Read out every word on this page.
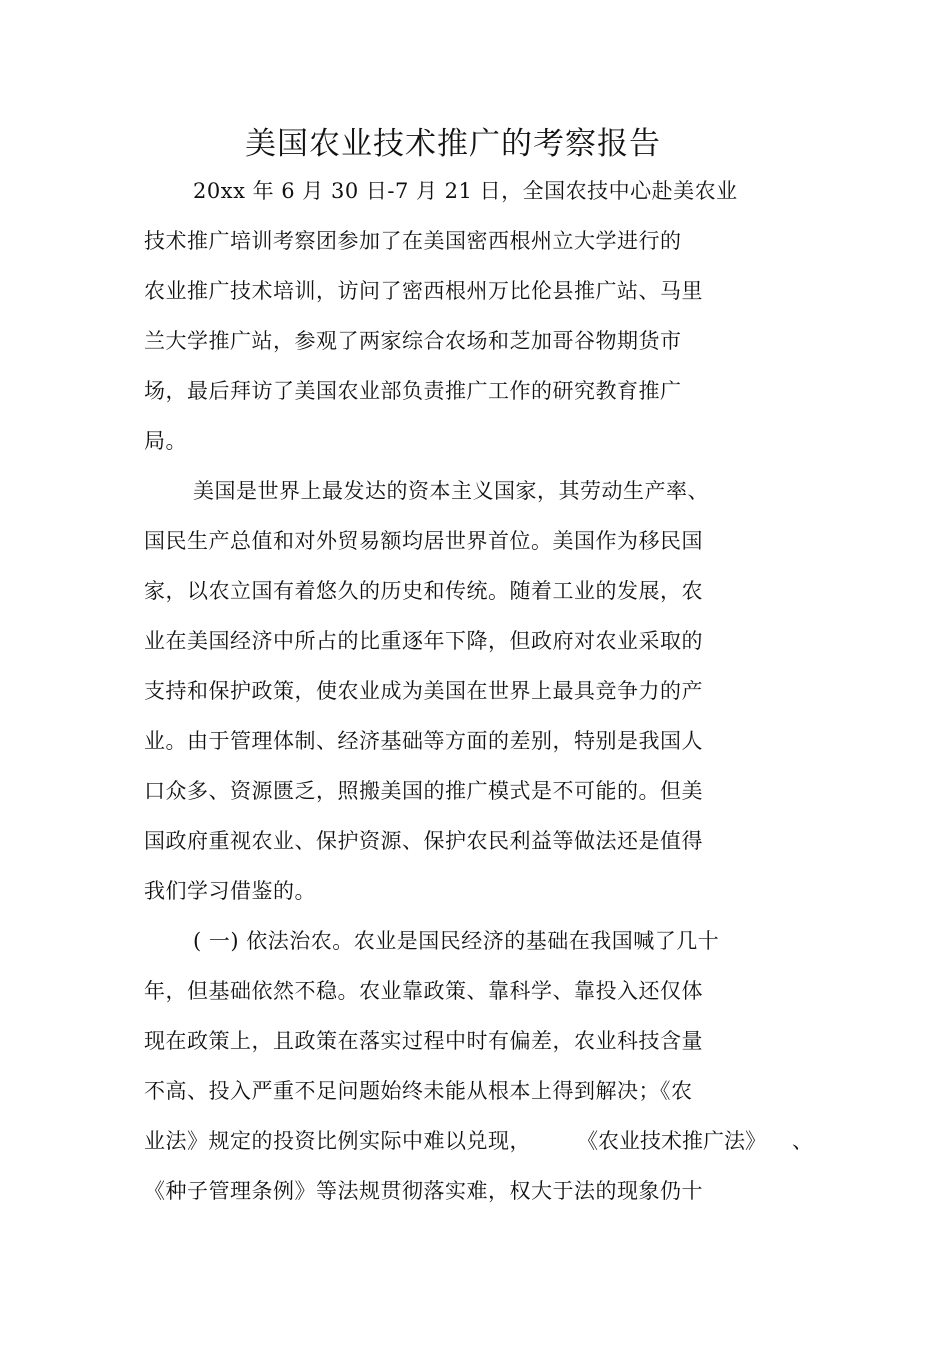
美国农业技术推广的考察报告
20xx 年 6 月 30 日-7 月 21 日，全国农技中心赴美农业
技术推广培训考察团参加了在美国密西根州立大学进行的
农业推广技术培训，访问了密西根州万比伦县推广站、马里
兰大学推广站，参观了两家综合农场和芝加哥谷物期货市
场，最后拜访了美国农业部负责推广工作的研究教育推广
局。
美国是世界上最发达的资本主义国家，其劳动生产率、
国民生产总值和对外贸易额均居世界首位。美国作为移民国
家，以农立国有着悠久的历史和传统。随着工业的发展，农
业在美国经济中所占的比重逐年下降，但政府对农业采取的
支持和保护政策，使农业成为美国在世界上最具竞争力的产
业。由于管理体制、经济基础等方面的差别，特别是我国人
口众多、资源匮乏，照搬美国的推广模式是不可能的。但美
国政府重视农业、保护资源、保护农民利益等做法还是值得
我们学习借鉴的。
( 一) 依法治农。农业是国民经济的基础在我国喊了几十
年，但基础依然不稳。农业靠政策、靠科学、靠投入还仅体
现在政策上，且政策在落实过程中时有偏差，农业科技含量
不高、投入严重不足问题始终未能从根本上得到解决；《农
业法》规定的投资比例实际中难以兑现， 《农业技术推广法》 、
《种子管理条例》等法规贯彻落实难，权大于法的现象仍十
